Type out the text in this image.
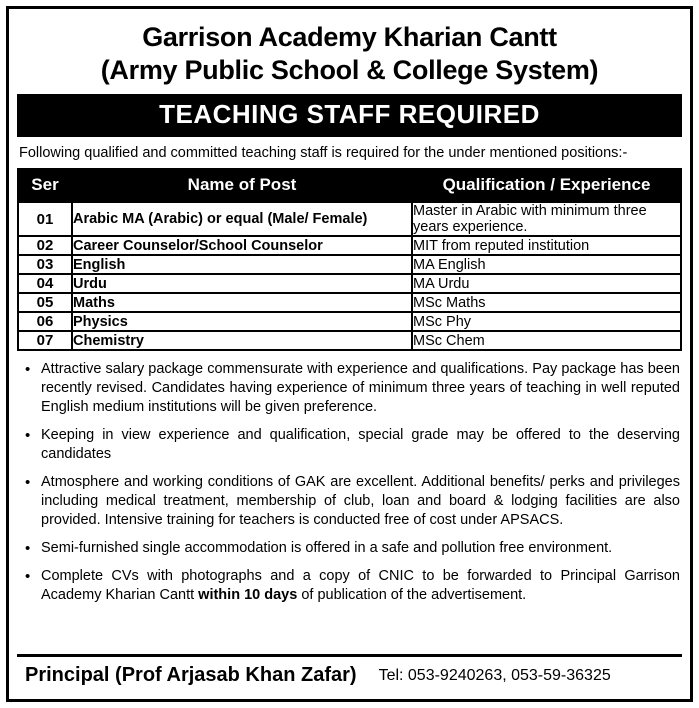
Garrison Academy Kharian Cantt
(Army Public School & College System)
TEACHING STAFF REQUIRED
Following qualified and committed teaching staff is required for the under mentioned positions:-
Ser	Name of Post	Qualification / Experience
01	Arabic MA (Arabic) or equal (Male/ Female)	Master in Arabic with minimum three years experience.
02	Career Counselor/School Counselor	MIT from reputed institution
03	English	MA English
04	Urdu	MA Urdu
05	Maths	MSc Maths
06	Physics	MSc Phy
07	Chemistry	MSc Chem
• Attractive salary package commensurate with experience and qualifications. Pay package has been recently revised. Candidates having experience of minimum three years of teaching in well reputed English medium institutions will be given preference.
• Keeping in view experience and qualification, special grade may be offered to the deserving candidates
• Atmosphere and working conditions of GAK are excellent. Additional benefits/ perks and privileges including medical treatment, membership of club, loan and board & lodging facilities are also provided. Intensive training for teachers is conducted free of cost under APSACS.
• Semi-furnished single accommodation is offered in a safe and pollution free environment.
• Complete CVs with photographs and a copy of CNIC to be forwarded to Principal Garrison Academy Kharian Cantt within 10 days of publication of the advertisement.
Principal (Prof Arjasab Khan Zafar)	Tel: 053-9240263, 053-59-36325
